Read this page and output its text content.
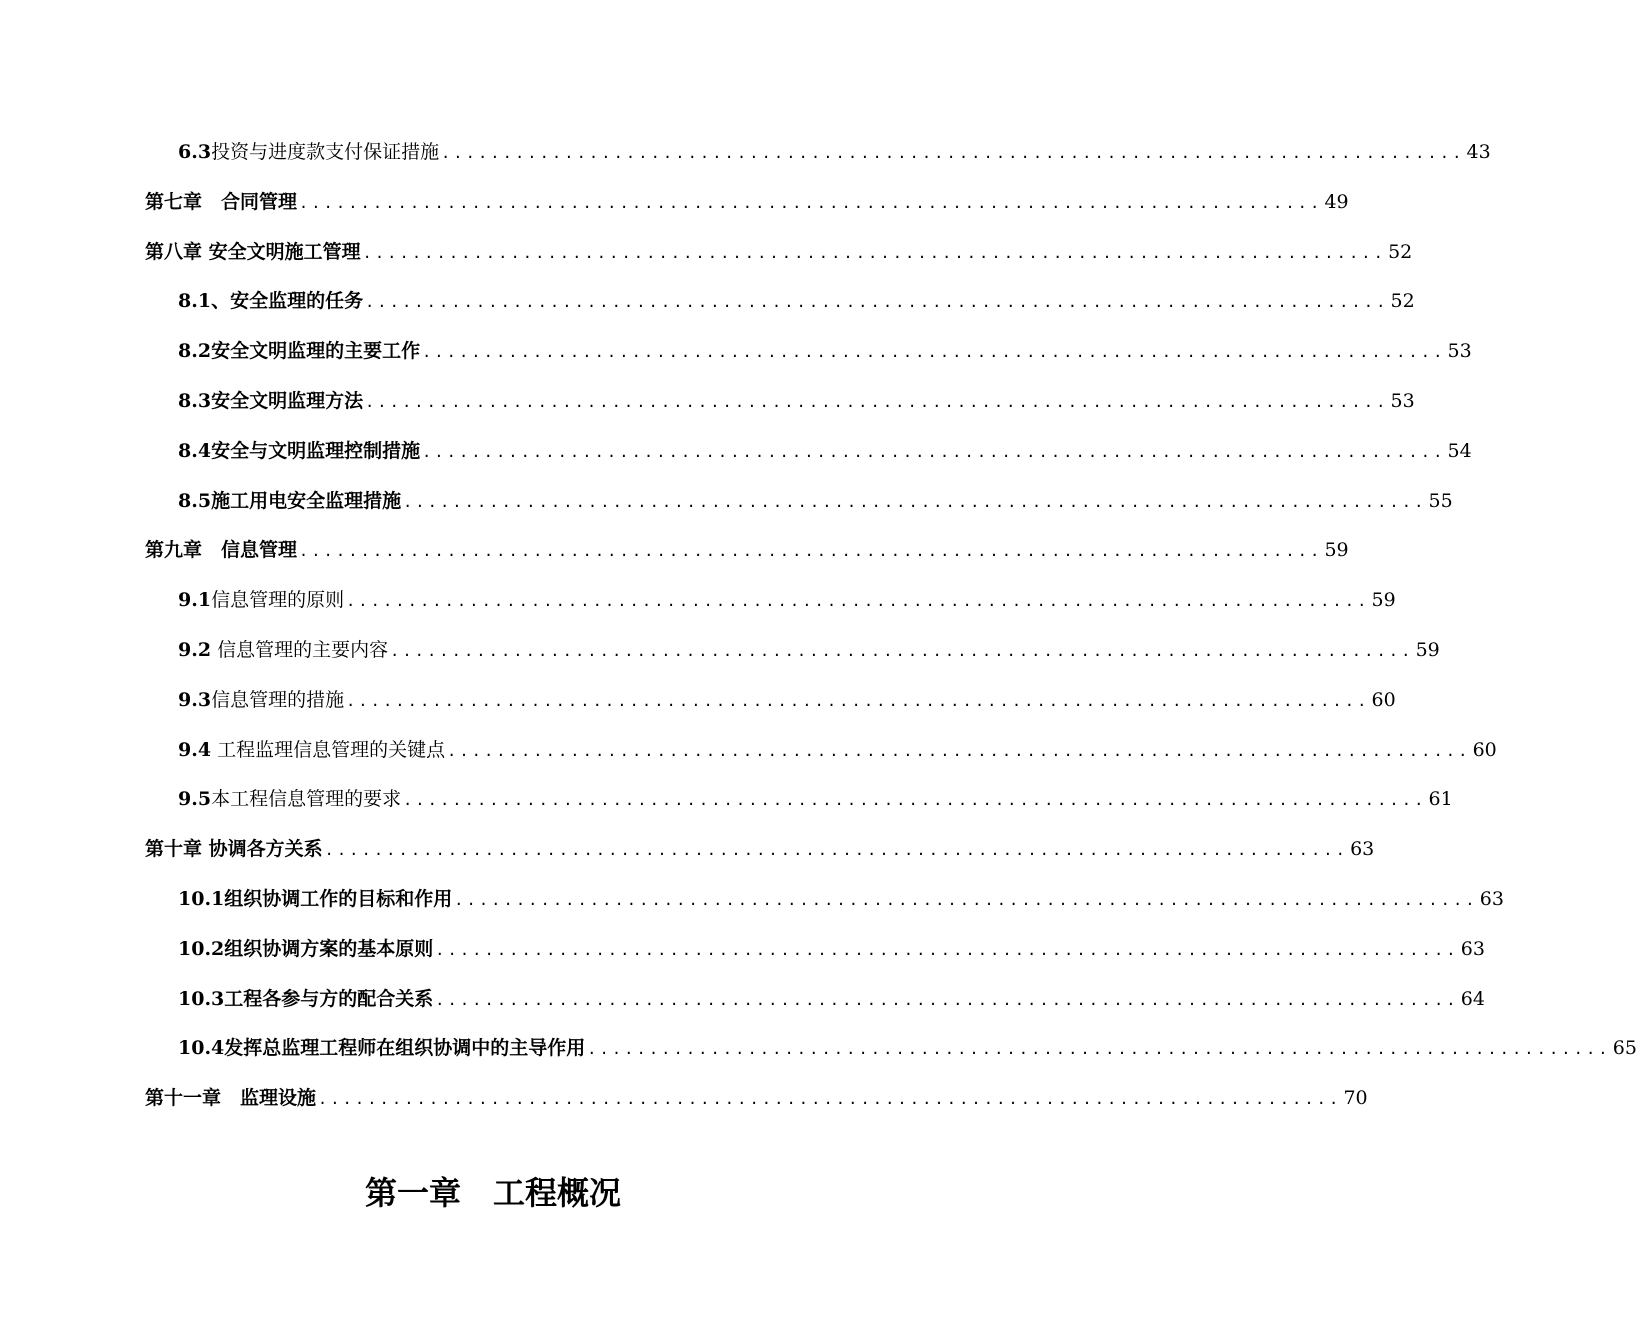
6.3投资与进度款支付保证措施 ................................................................................... 43
第七章　合同管理 ................................................................................... 49
第八章 安全文明施工管理 ................................................................................... 52
8.1、安全监理的任务 ................................................................................... 52
8.2安全文明监理的主要工作 ................................................................................... 53
8.3安全文明监理方法 ................................................................................... 53
8.4安全与文明监理控制措施 ................................................................................... 54
8.5施工用电安全监理措施 ................................................................................... 55
第九章　信息管理 ................................................................................... 59
9.1信息管理的原则 ................................................................................... 59
9.2 信息管理的主要内容 ................................................................................... 59
9.3信息管理的措施 ................................................................................... 60
9.4 工程监理信息管理的关键点 ................................................................................... 60
9.5本工程信息管理的要求 ................................................................................... 61
第十章 协调各方关系 ................................................................................... 63
10.1组织协调工作的目标和作用 ................................................................................... 63
10.2组织协调方案的基本原则 ................................................................................... 63
10.3工程各参与方的配合关系 ................................................................................... 64
10.4发挥总监理工程师在组织协调中的主导作用 ................................................................................... 65
第十一章　监理设施 ................................................................................... 70
第一章　工程概况
